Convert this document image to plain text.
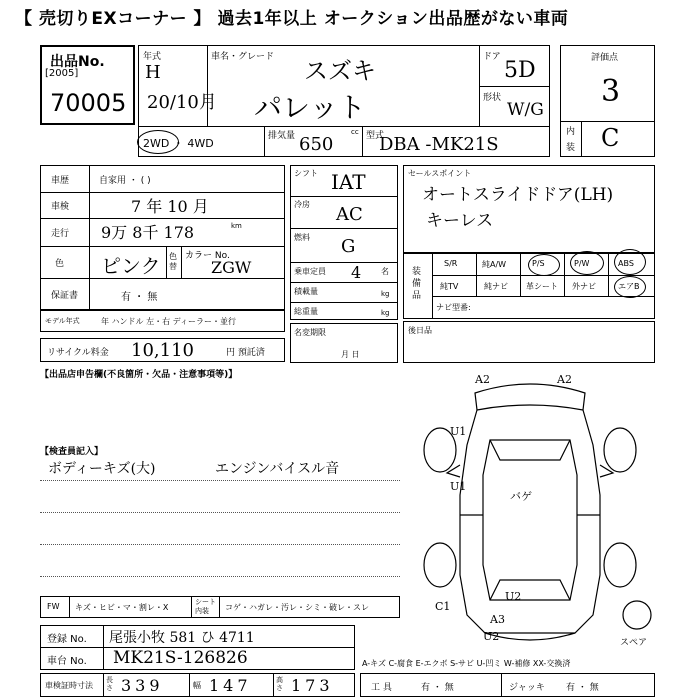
【 売切りEXコーナー 】 過去1年以上 オークション出品歴がない車両
出品No.
[2005]
70005
年式
H
20/10月
車名・グレード スズキ
パレット
ドア
5D
形状
W/G
2WD ・ 4WD
排気量 650
cc 型式
DBA -MK21S
評価点
3
内
装 C
車歴	自家用 ・ ( )
車検	7 年 10 月
走行 9万 8千 178	km
色 ピンク 色替
カラー No.
ZGW
保証書	有 ・ 無
モデル年式	年 ハンドル 左・右 ディーラー・並行
リサイクル料金 10,110	円 預託済
シフト IAT
冷房 AC
燃料 G
乗車定員 4 名
積載量	kg
総重量	kg
名変期限
月 日
セールスポイント
オートスライドドア(LH)
キーレス
装備品
S/R	純A/W	P/S	P/W	ABS
純TV	純ナビ 革シート 外ナビ	エアB
ナビ型番:
後日品
【出品店申告欄(不良箇所・欠品・注意事項等)】
【検査員記入】
ボディーキズ(大)	エンジンバイスル音
A2	A2
U1
U1
バゲ
U2
A3
C1
U2	スペア
FW キズ・ヒビ・マ・割レ・X
シート内装	コゲ・ハガレ・汚レ・シミ・破レ・スレ
登録 No. 尾張小牧 581 ひ 4711
車台 No. MK21S-126826
車検証時寸法
長さ 339	幅 147	高さ 173
A-キズ C-腐食 E-エクボ S-サビ U-凹ミ W-補修 XX-交換済
工 具	有 ・ 無	ジャッキ 有 ・ 無
